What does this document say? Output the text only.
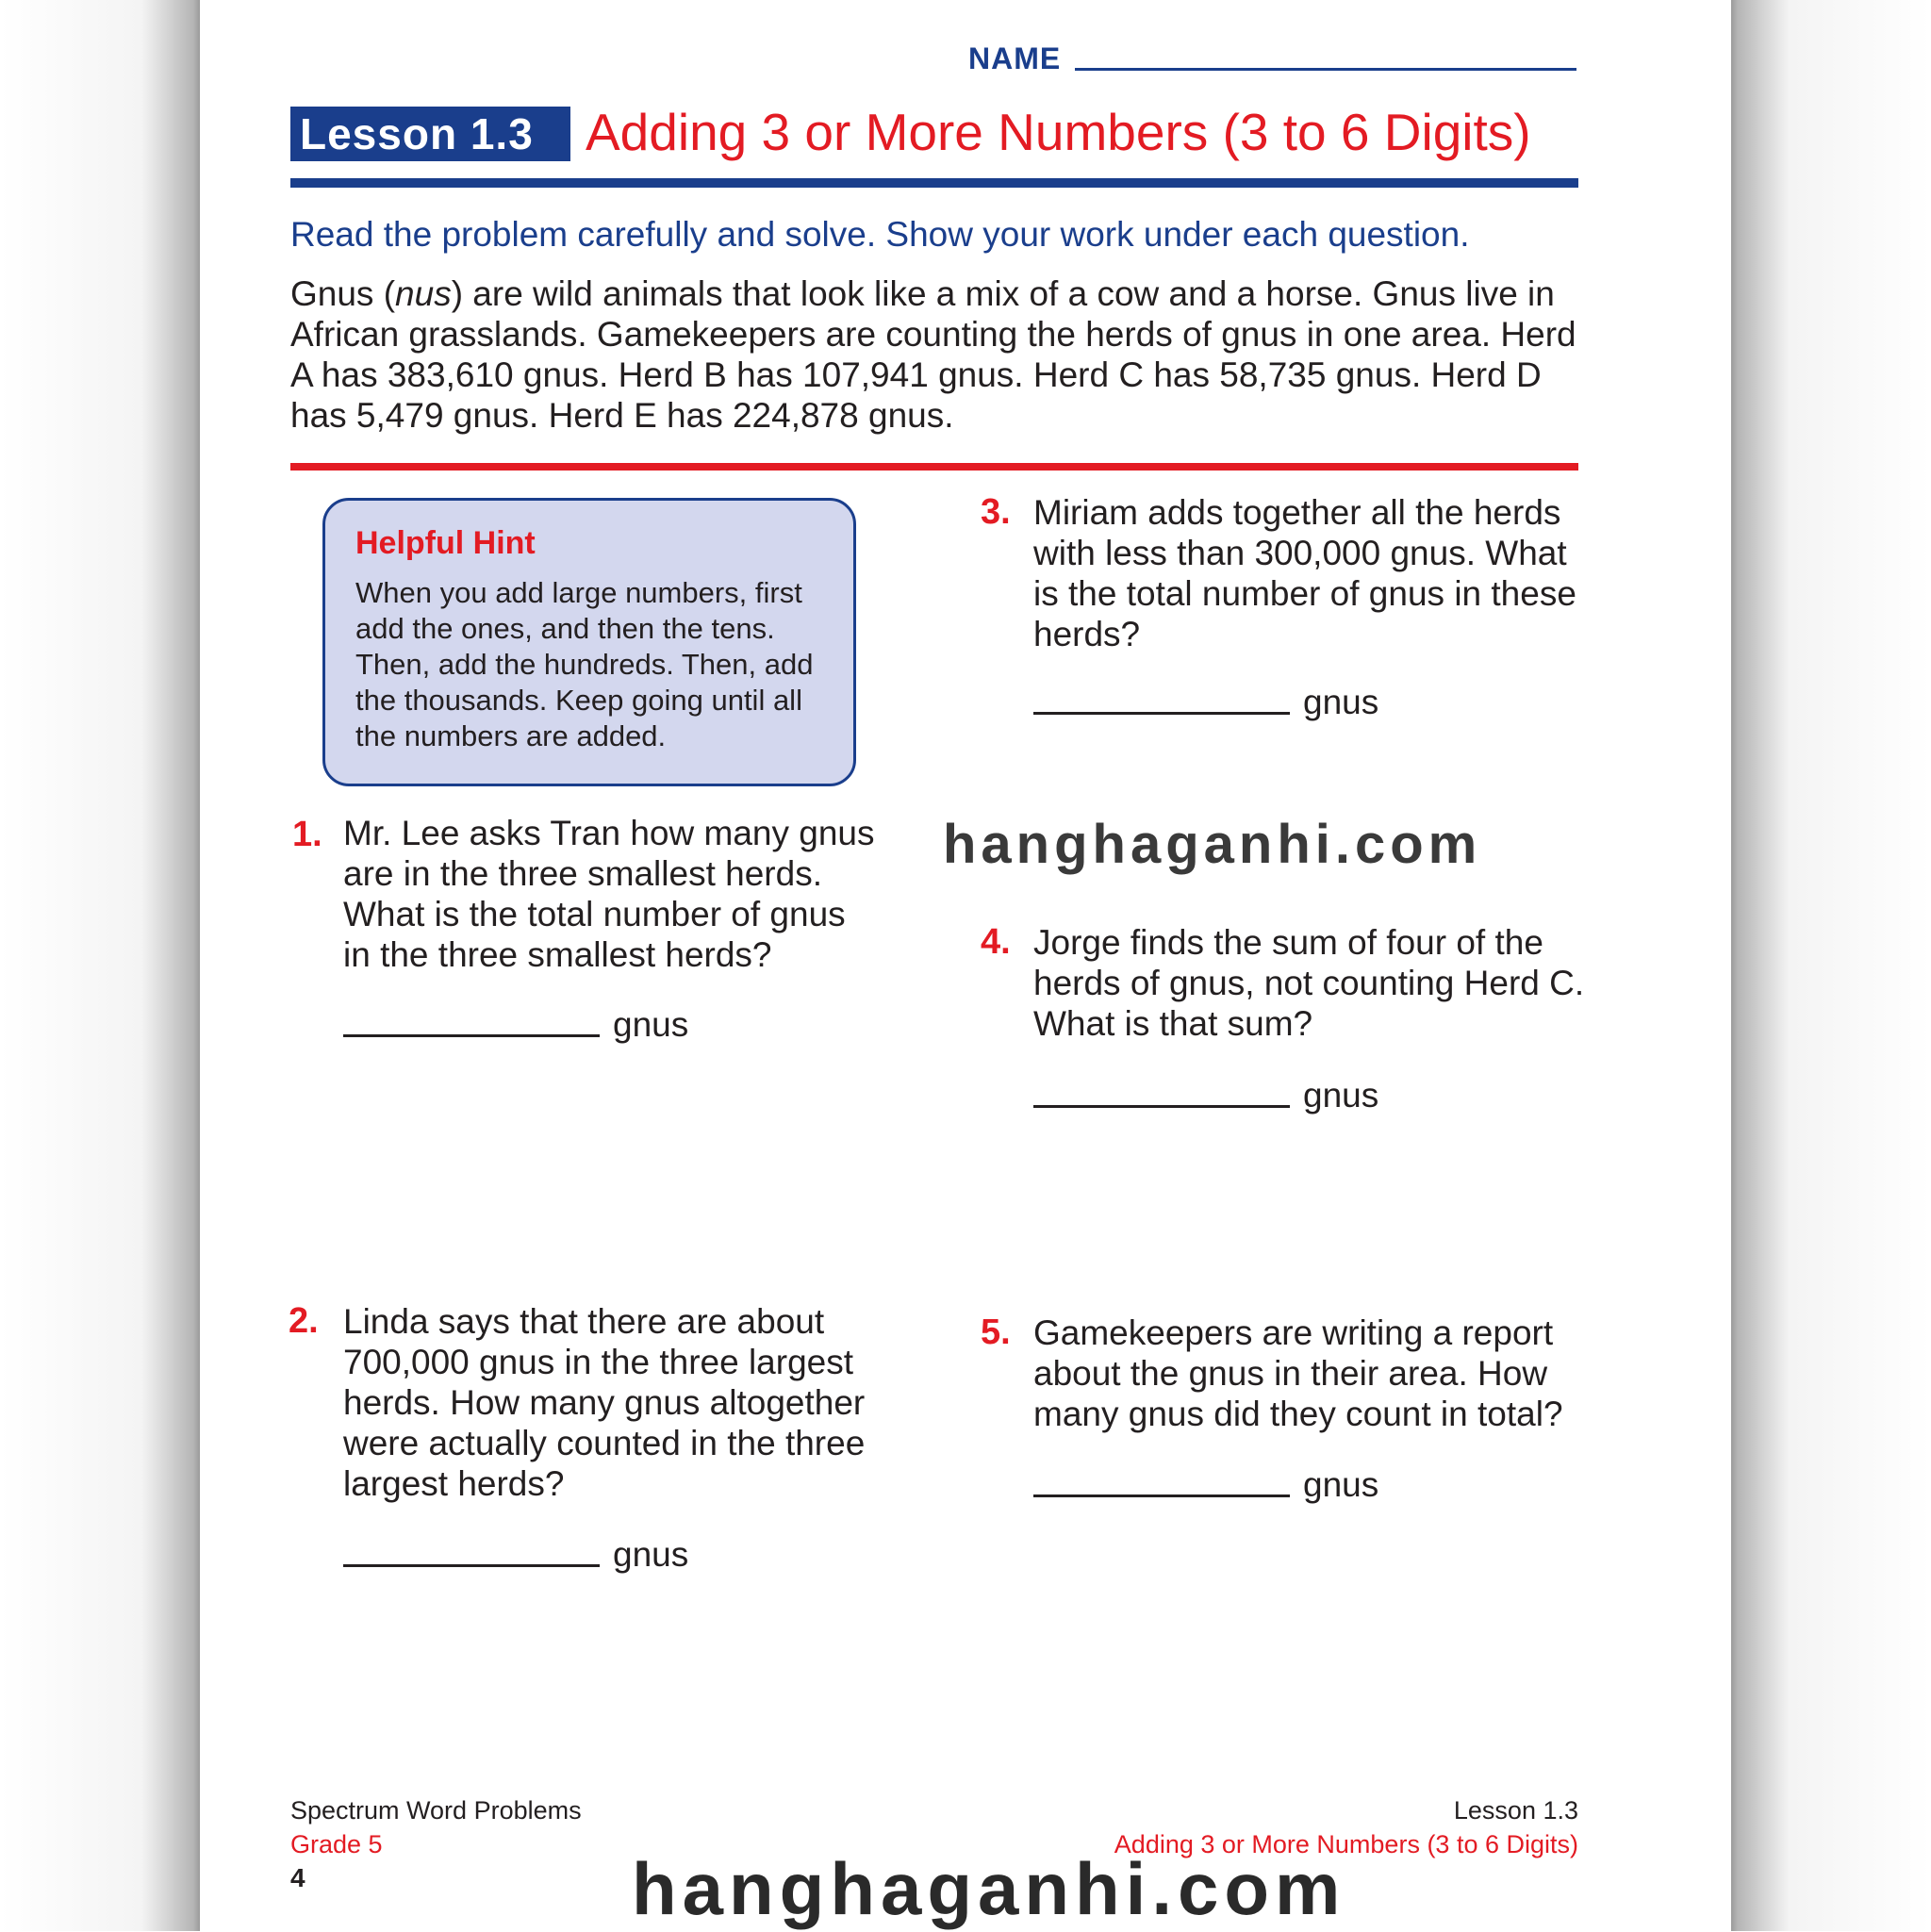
NAME
Lesson 1.3	Adding 3 or More Numbers (3 to 6 Digits)
Read the problem carefully and solve. Show your work under each question.
Gnus (nus) are wild animals that look like a mix of a cow and a horse. Gnus live in African grasslands. Gamekeepers are counting the herds of gnus in one area. Herd A has 383,610 gnus. Herd B has 107,941 gnus. Herd C has 58,735 gnus. Herd D has 5,479 gnus. Herd E has 224,878 gnus.
Helpful Hint
When you add large numbers, first add the ones, and then the tens. Then, add the hundreds. Then, add the thousands. Keep going until all the numbers are added.
1. Mr. Lee asks Tran how many gnus are in the three smallest herds. What is the total number of gnus in the three smallest herds?
gnus
2. Linda says that there are about 700,000 gnus in the three largest herds. How many gnus altogether were actually counted in the three largest herds?
gnus
3. Miriam adds together all the herds with less than 300,000 gnus. What is the total number of gnus in these herds?
gnus
4. Jorge finds the sum of four of the herds of gnus, not counting Herd C. What is that sum?
gnus
5. Gamekeepers are writing a report about the gnus in their area. How many gnus did they count in total?
gnus
hanghaganhi.com
Spectrum Word Problems
Grade 5
4
Lesson 1.3
Adding 3 or More Numbers (3 to 6 Digits)
hanghaganhi.com
